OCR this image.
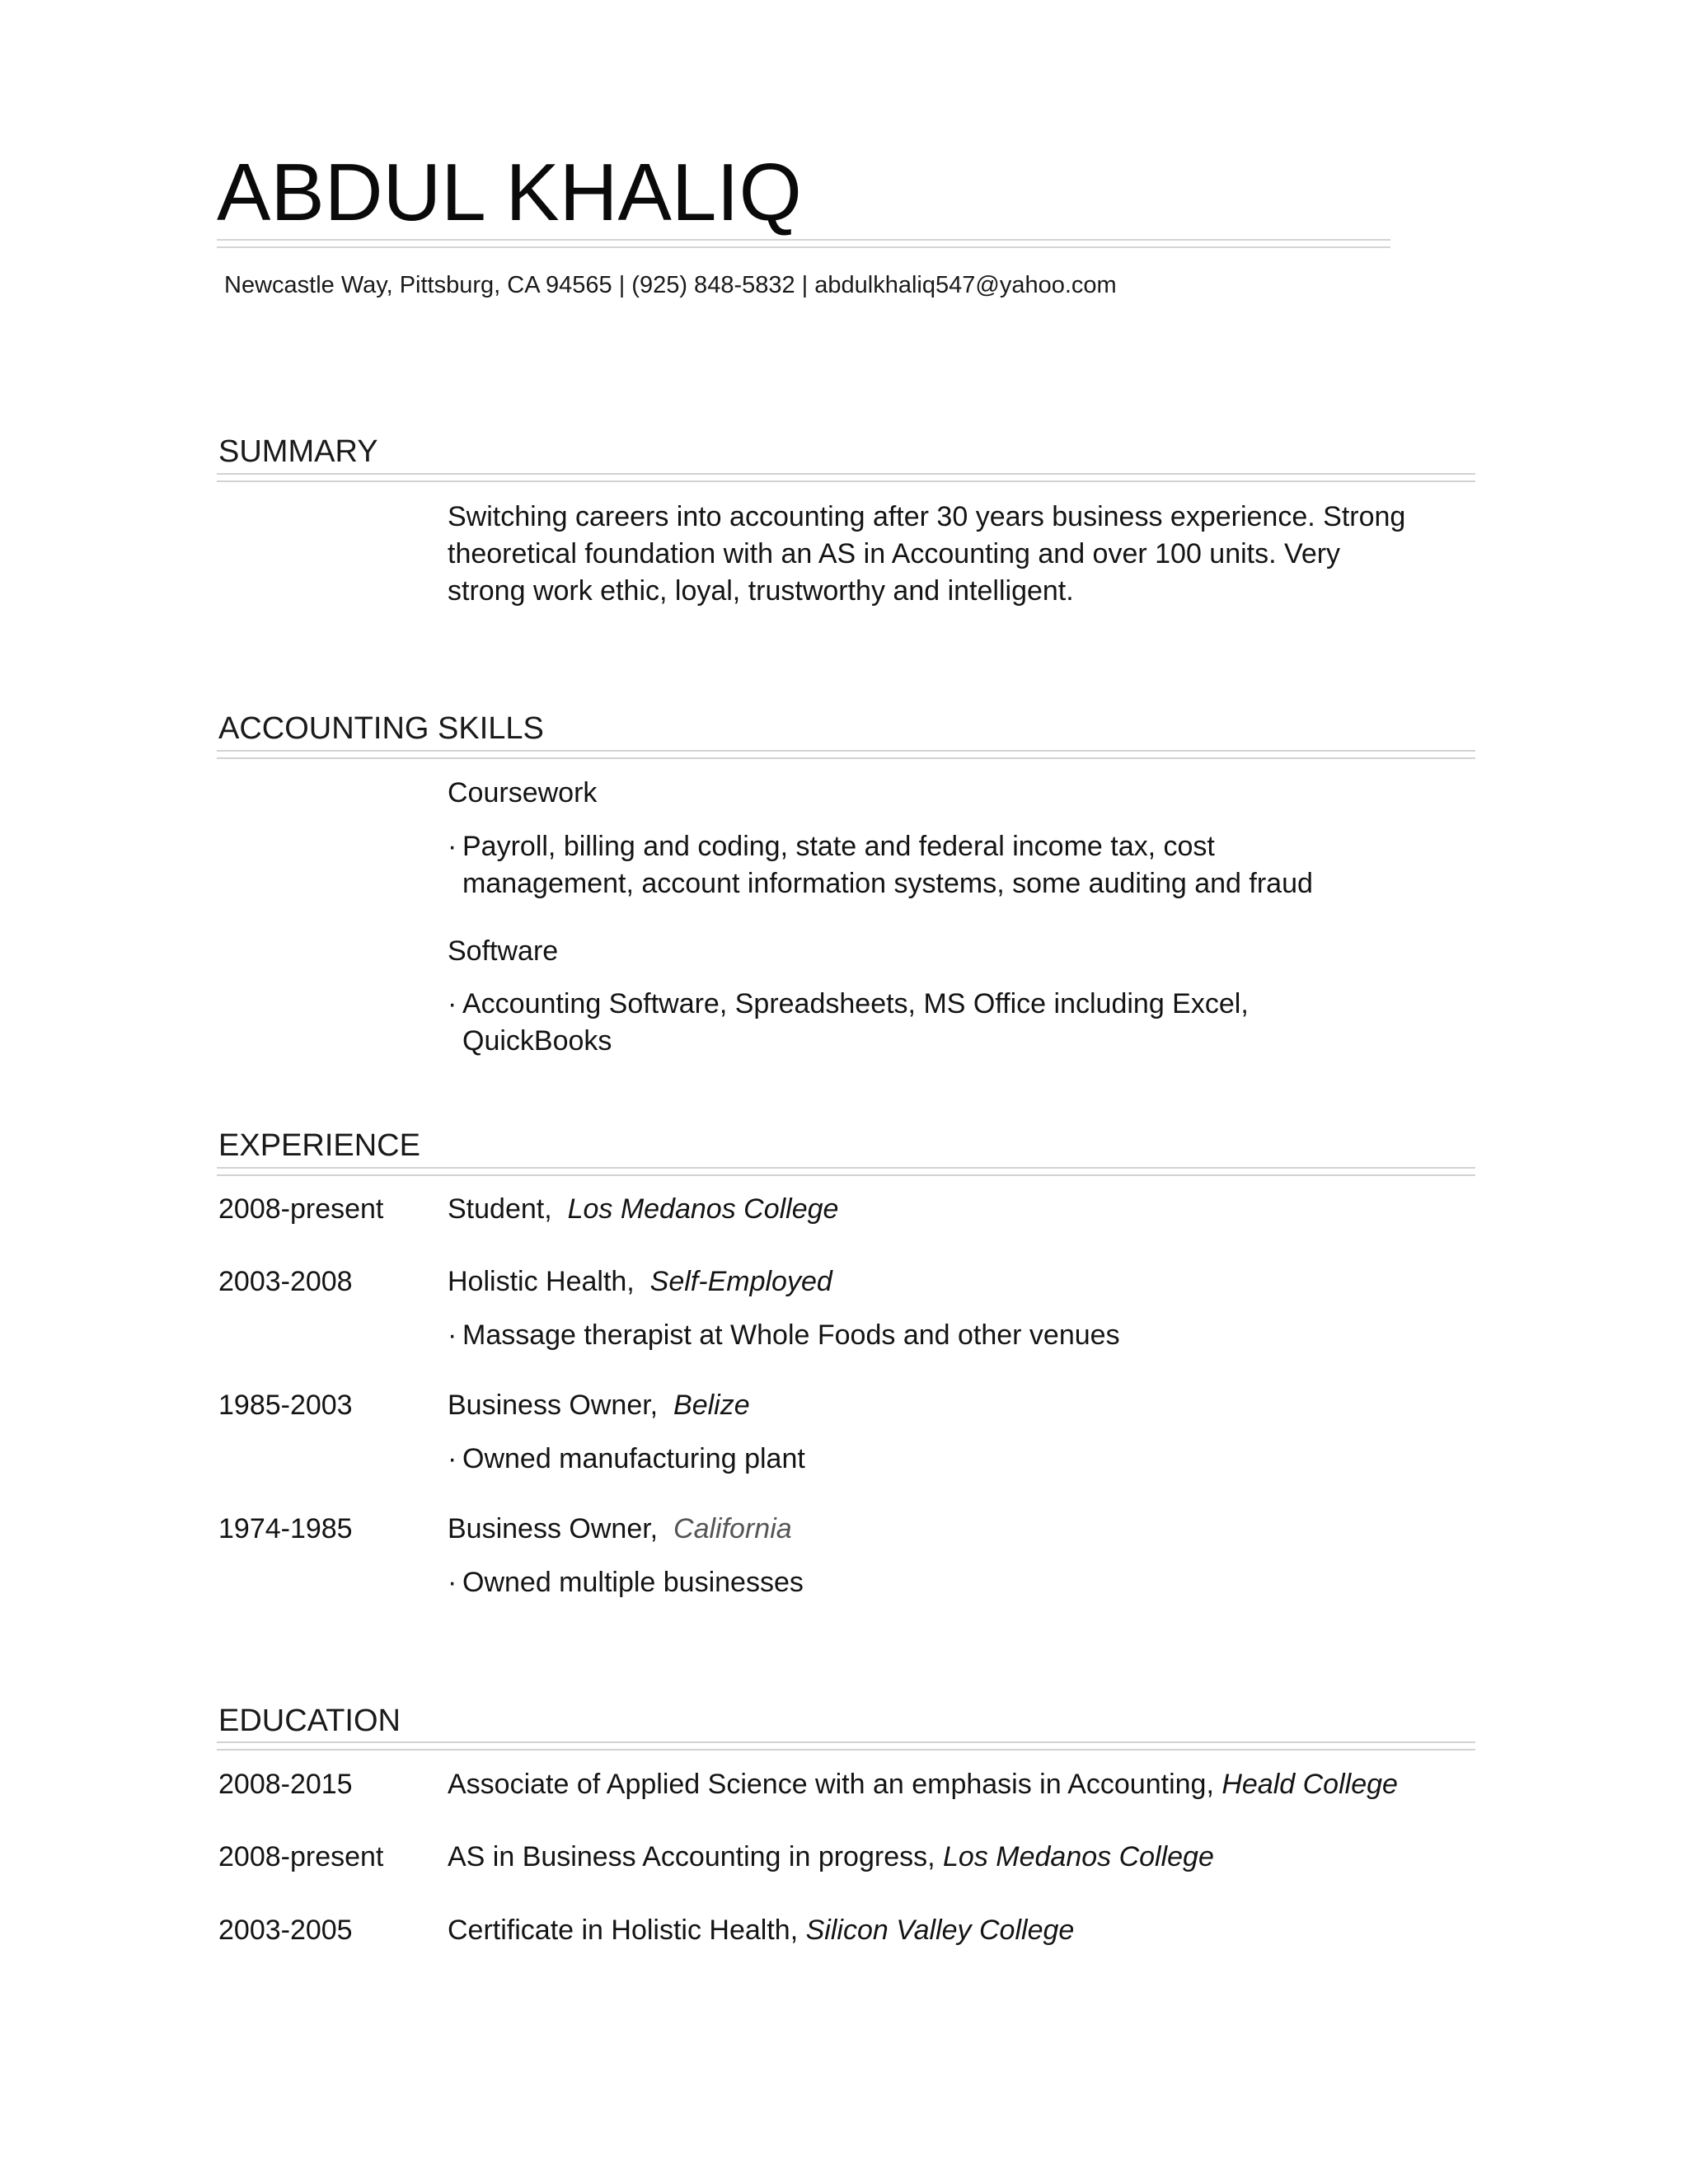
ABDUL KHALIQ
Newcastle Way, Pittsburg, CA 94565 | (925) 848-5832 | abdulkhaliq547@yahoo.com
SUMMARY
Switching careers into accounting after 30 years business experience. Strong theoretical foundation with an AS in Accounting and over 100 units. Very strong work ethic, loyal, trustworthy and intelligent.
ACCOUNTING SKILLS
Coursework
· Payroll, billing and coding, state and federal income tax, cost management, account information systems, some auditing and fraud
Software
· Accounting Software, Spreadsheets, MS Office including Excel, QuickBooks
EXPERIENCE
2008-present Student, Los Medanos College
2003-2008	Holistic Health, Self-Employed
· Massage therapist at Whole Foods and other venues
1985-2003	Business Owner, Belize
· Owned manufacturing plant
1974-1985	Business Owner, California
· Owned multiple businesses
EDUCATION
2008-2015	Associate of Applied Science with an emphasis in Accounting, Heald College
2008-present AS in Business Accounting in progress, Los Medanos College
2003-2005	Certificate in Holistic Health, Silicon Valley College
